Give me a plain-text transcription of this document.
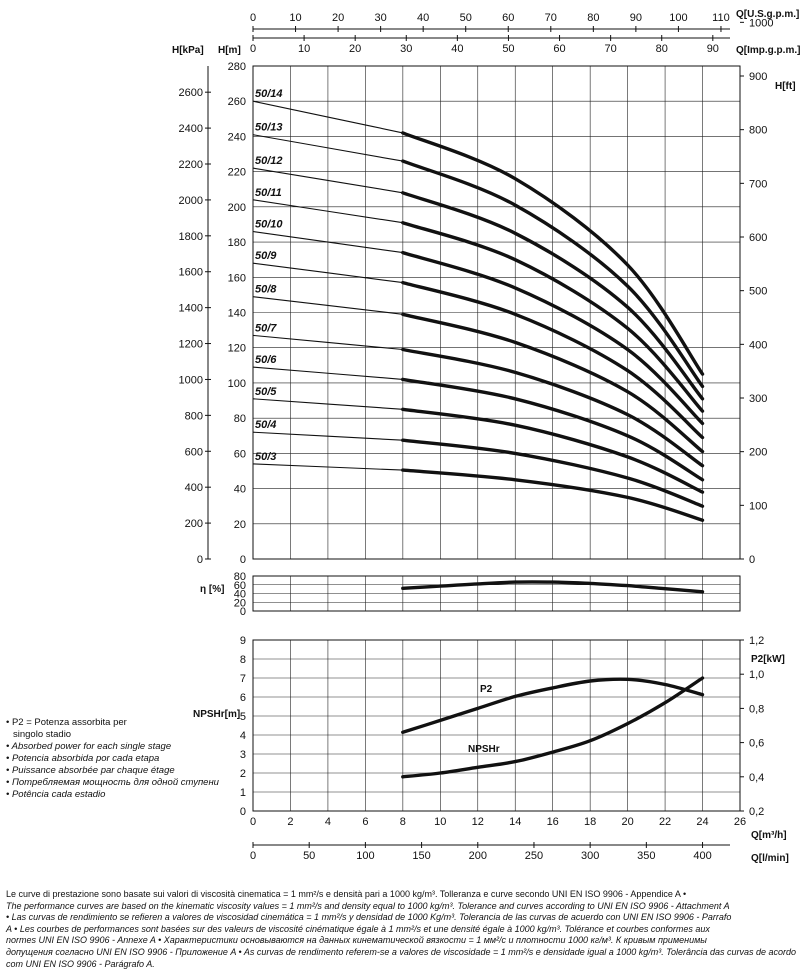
0	10	20	30	40	50	60	70	80	90 100 110
0	10	20	30	40	50	60	70	80	90
0
20
40
60
80
100
120
140
160
180
200
220
240
260
280
0
200
400
600
800
1000
1200
1400
1600
1800
2000
2200
2400
2600
0
100
200
300
400
500
600
700
800
900
1000
0
20
40
60
80
0
1
2
3
4
5
6
7
8
9
0,2
0,4
0,6
0,8
1,0
1,2
0	2	4	6	8	10 12 14 16 18 20 22 24 26
0	50	100	150	200	250	300	350	400
50/3
50/4
50/5
50/6
50/7
50/8
50/9
50/10
50/11
50/12
50/13
50/14
Q[U.S.g.p.m.]
Q[Imp.g.p.m.]
H[kPa] H[m]
H[ft]
η [%]
NPSHr[m]
P2[kW]
Q[m³/h]
Q[l/min]
P2
NPSHr
• P2 = Potenza assorbita per
singolo stadio
• Absorbed power for each single stage
• Potencia absorbida por cada etapa
• Puissance absorbée par chaque étage
• Потребляемая мощность для одной ступени
• Potência cada estadio
Le curve di prestazione sono basate sui valori di viscosità cinematica = 1 mm²/s e densità pari a 1000 kg/m³. Tolleranza e curve secondo UNI EN ISO 9906 - Appendice A •
The performance curves are based on the kinematic viscosity values = 1 mm²/s and density equal to 1000 kg/m³. Tolerance and curves according to UNI EN ISO 9906 - Attachment A
• Las curvas de rendimiento se refieren a valores de viscosidad cinemática = 1 mm²/s y densidad de 1000 Kg/m³. Tolerancia de las curvas de acuerdo con UNI EN ISO 9906 - Parrafo
A • Les courbes de performances sont basées sur des valeurs de viscosité cinématique égale à 1 mm²/s et une densité égale à 1000 kg/m³. Tolérance et courbes conformes aux
normes UNI EN ISO 9906 - Annexe A • Характеристики основываются на данных кинематической вязкости = 1 мм²/с и плотности 1000 кг/м³. К кривым применимы
допущения согласно UNI EN ISO 9906 - Приложение A • As curvas de rendimento referem-se a valores de viscosidade = 1 mm²/s e densidade igual a 1000 kg/m³. Tolerância das curvas de acordo
com UNI EN ISO 9906 - Parágrafo A.
